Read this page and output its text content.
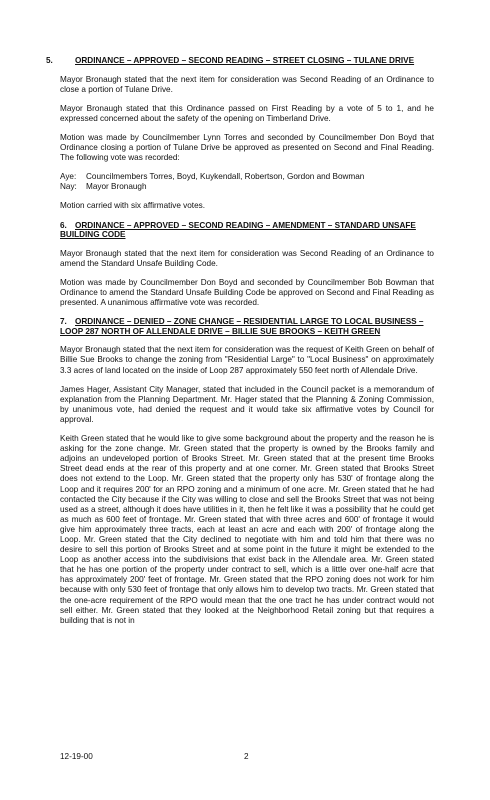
5.	ORDINANCE – APPROVED – SECOND READING – STREET CLOSING – TULANE DRIVE

Mayor Bronaugh stated that the next item for consideration was Second Reading of an Ordinance to close a portion of Tulane Drive.

Mayor Bronaugh stated that this Ordinance passed on First Reading by a vote of 5 to 1, and he expressed concerned about the safety of the opening on Timberland Drive.

Motion was made by Councilmember Lynn Torres and seconded by Councilmember Don Boyd that Ordinance closing a portion of Tulane Drive be approved as presented on Second and Final Reading. The following vote was recorded:

Aye: Councilmembers Torres, Boyd, Kuykendall, Robertson, Gordon and Bowman
Nay: Mayor Bronaugh

Motion carried with six affirmative votes.

6. ORDINANCE – APPROVED – SECOND READING – AMENDMENT – STANDARD UNSAFE BUILDING CODE

Mayor Bronaugh stated that the next item for consideration was Second Reading of an Ordinance to amend the Standard Unsafe Building Code.

Motion was made by Councilmember Don Boyd and seconded by Councilmember Bob Bowman that Ordinance to amend the Standard Unsafe Building Code be approved on Second and Final Reading as presented. A unanimous affirmative vote was recorded.

7. ORDINANCE – DENIED – ZONE CHANGE – RESIDENTIAL LARGE TO LOCAL BUSINESS – LOOP 287 NORTH OF ALLENDALE DRIVE – BILLIE SUE BROOKS – KEITH GREEN

Mayor Bronaugh stated that the next item for consideration was the request of Keith Green on behalf of Billie Sue Brooks to change the zoning from "Residential Large" to "Local Business" on approximately 3.3 acres of land located on the inside of Loop 287 approximately 550 feet north of Allendale Drive.

James Hager, Assistant City Manager, stated that included in the Council packet is a memorandum of explanation from the Planning Department. Mr. Hager stated that the Planning & Zoning Commission, by unanimous vote, had denied the request and it would take six affirmative votes by Council for approval.

Keith Green stated that he would like to give some background about the property and the reason he is asking for the zone change. Mr. Green stated that the property is owned by the Brooks family and adjoins an undeveloped portion of Brooks Street. Mr. Green stated that at the present time Brooks Street dead ends at the rear of this property and at one corner. Mr. Green stated that Brooks Street does not extend to the Loop. Mr. Green stated that the property only has 530' of frontage along the Loop and it requires 200' for an RPO zoning and a minimum of one acre. Mr. Green stated that he had contacted the City because if the City was willing to close and sell the Brooks Street that was not being used as a street, although it does have utilities in it, then he felt like it was a possibility that he could get as much as 600 feet of frontage. Mr. Green stated that with three acres and 600' of frontage it would give him approximately three tracts, each at least an acre and each with 200' of frontage along the Loop. Mr. Green stated that the City declined to negotiate with him and told him that there was no desire to sell this portion of Brooks Street and at some point in the future it might be extended to the Loop as another access into the subdivisions that exist back in the Allendale area. Mr. Green stated that he has one portion of the property under contract to sell, which is a little over one-half acre that has approximately 200' feet of frontage. Mr. Green stated that the RPO zoning does not work for him because with only 530 feet of frontage that only allows him to develop two tracts. Mr. Green stated that the one-acre requirement of the RPO would mean that the one tract he has under contract would not sell either. Mr. Green stated that they looked at the Neighborhood Retail zoning but that requires a building that is not in

12-19-00	2
